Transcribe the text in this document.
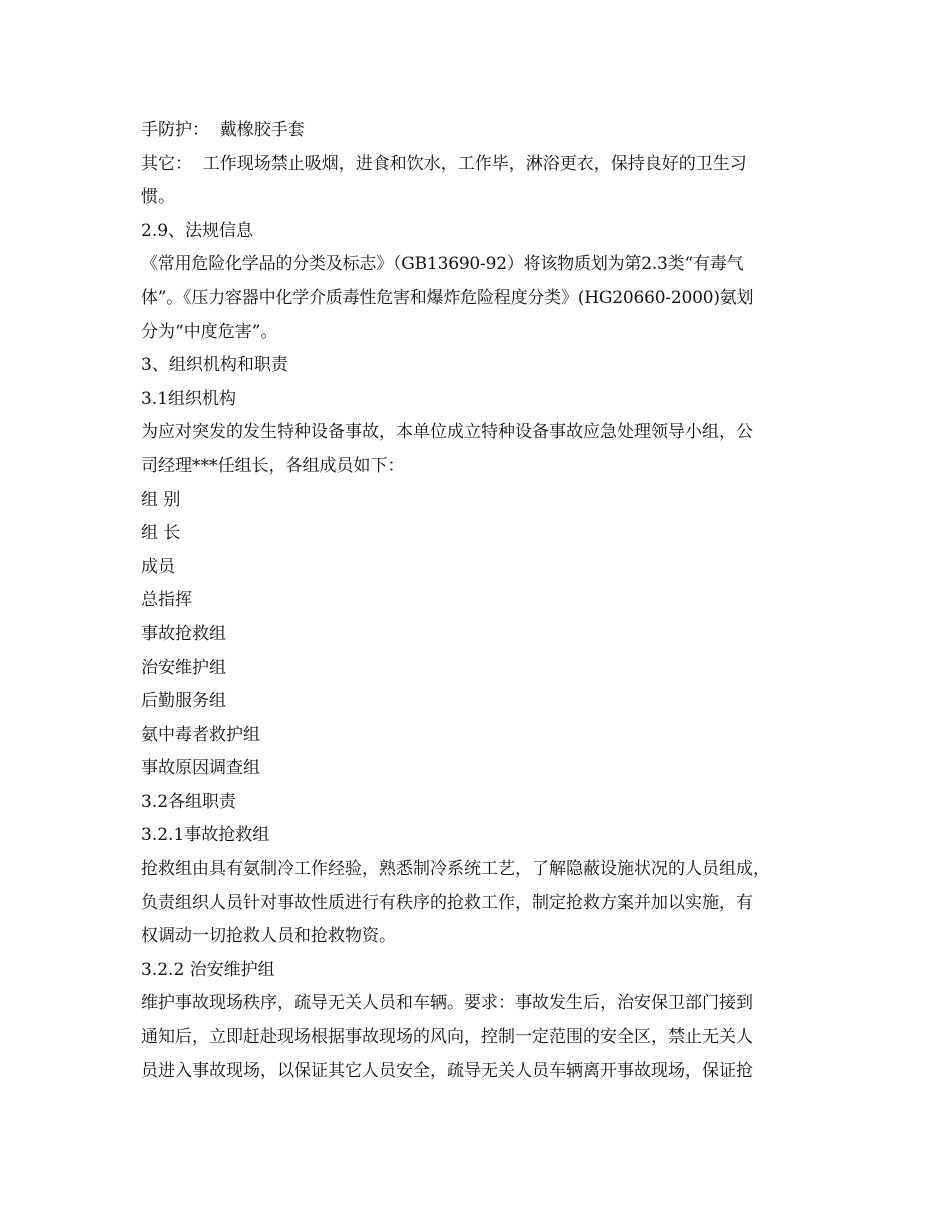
手防护：  戴橡胶手套
其它：  工作现场禁止吸烟，进食和饮水，工作毕，淋浴更衣，保持良好的卫生习
惯。
2.9、法规信息
《常用危险化学品的分类及标志》（GB13690-92）将该物质划为第2.3类“有毒气
体”。《压力容器中化学介质毒性危害和爆炸危险程度分类》(HG20660-2000)氨划
分为“中度危害”。
3、组织机构和职责
3.1组织机构
为应对突发的发生特种设备事故，本单位成立特种设备事故应急处理领导小组，公
司经理***任组长，各组成员如下：
组 别
组 长
成员
总指挥
事故抢救组
治安维护组
后勤服务组
氨中毒者救护组
事故原因调查组
3.2各组职责
3.2.1事故抢救组
抢救组由具有氨制冷工作经验，熟悉制冷系统工艺，了解隐蔽设施状况的人员组成，
负责组织人员针对事故性质进行有秩序的抢救工作，制定抢救方案并加以实施，有
权调动一切抢救人员和抢救物资。
3.2.2 治安维护组
维护事故现场秩序，疏导无关人员和车辆。要求：事故发生后，治安保卫部门接到
通知后，立即赶赴现场根据事故现场的风向，控制一定范围的安全区，禁止无关人
员进入事故现场，以保证其它人员安全，疏导无关人员车辆离开事故现场，保证抢
